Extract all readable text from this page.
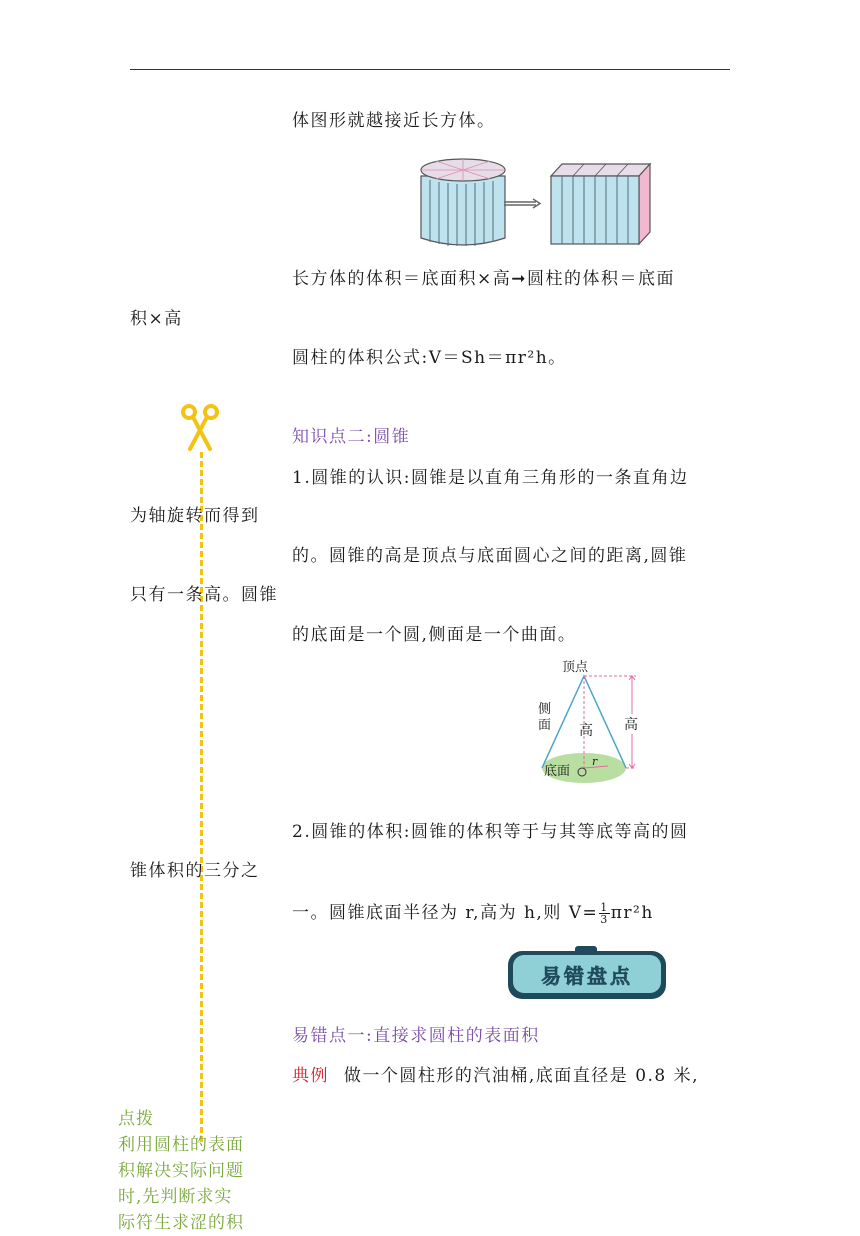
体图形就越接近长方体。
长方体的体积＝底面积×高➞圆柱的体积＝底面
积×高
圆柱的体积公式:V＝Sh＝πr²h。
知识点二:圆锥
1.圆锥的认识:圆锥是以直角三角形的一条直角边
为轴旋转而得到
的。圆锥的高是顶点与底面圆心之间的距离,圆锥
只有一条高。圆锥
的底面是一个圆,侧面是一个曲面。
顶点
侧面 高 高
底面
r
2.圆锥的体积:圆锥的体积等于与其等底等高的圆
锥体积的三分之
一。圆锥底面半径为 r,高为 h,则 $V= \frac{1}{3} \pi r^2h$
易错盘点
易错点一:直接求圆柱的表面积
典例 做一个圆柱形的汽油桶,底面直径是 0.8 米,
点拨
利用圆柱的表面
积解决实际问题
时,先判断求实
际符生求涩的积
